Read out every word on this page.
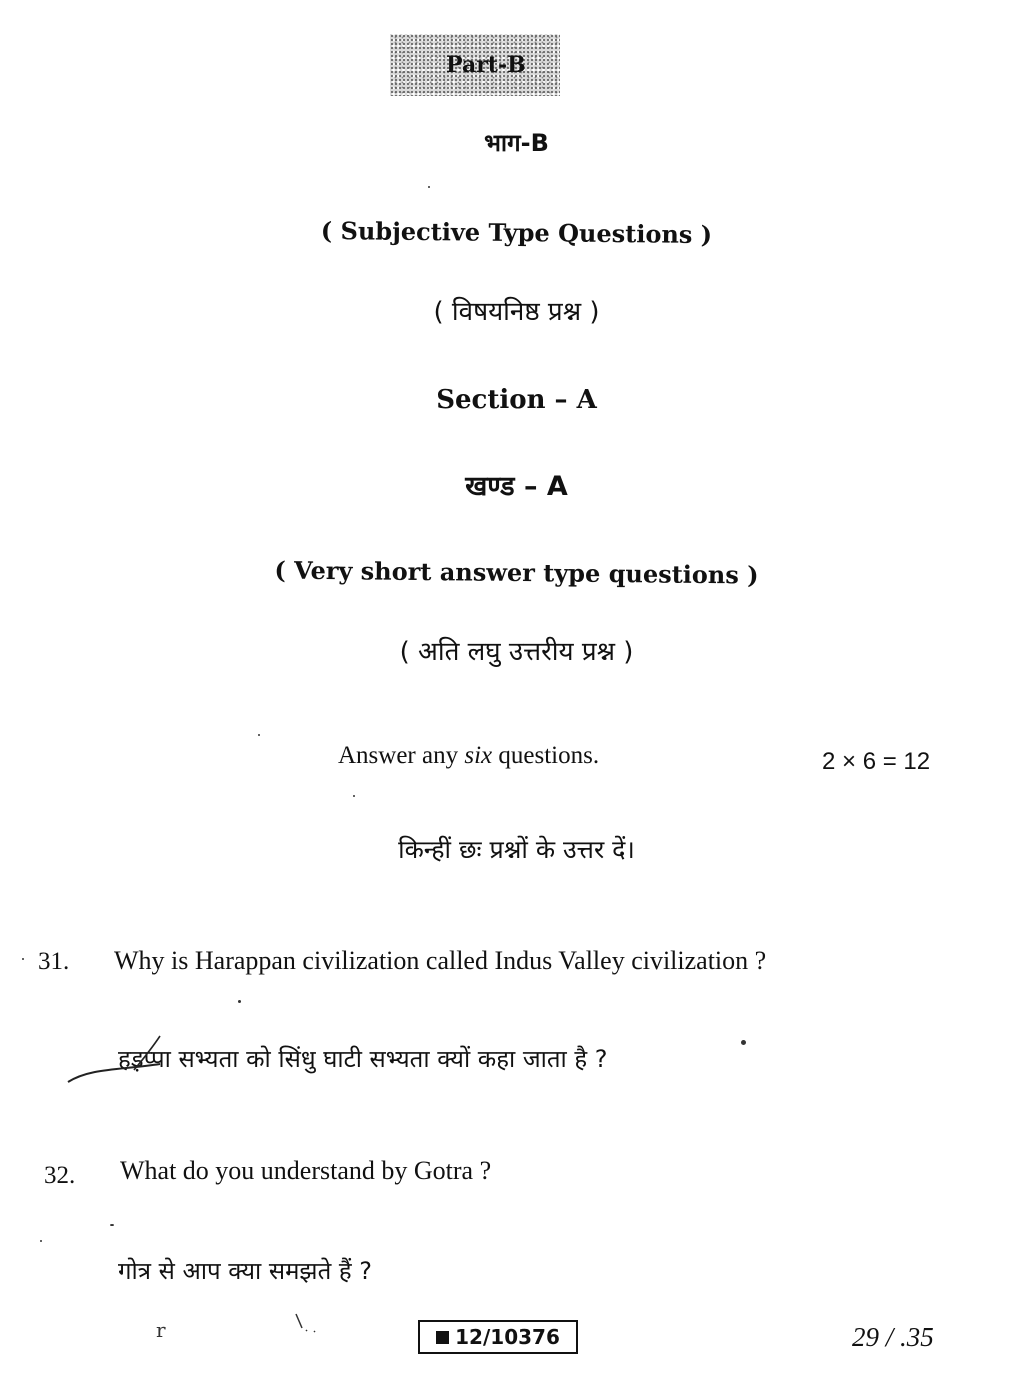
Part-B
भाग-B
( Subjective Type Questions )
( विषयनिष्ठ प्रश्न )
Section – A
खण्ड – A
( Very short answer type questions )
( अति लघु उत्तरीय प्रश्न )
Answer any six questions.	2 × 6 = 12
किन्हीं छः प्रश्नों के उत्तर दें।
31. Why is Harappan civilization called Indus Valley civilization ?
हड़प्पा सभ्यता को सिंधु घाटी सभ्यता क्यों कहा जाता है ?
32. What do you understand by Gotra ?
गोत्र से आप क्या समझते हैं ?
12/10376	29 / .35
r
